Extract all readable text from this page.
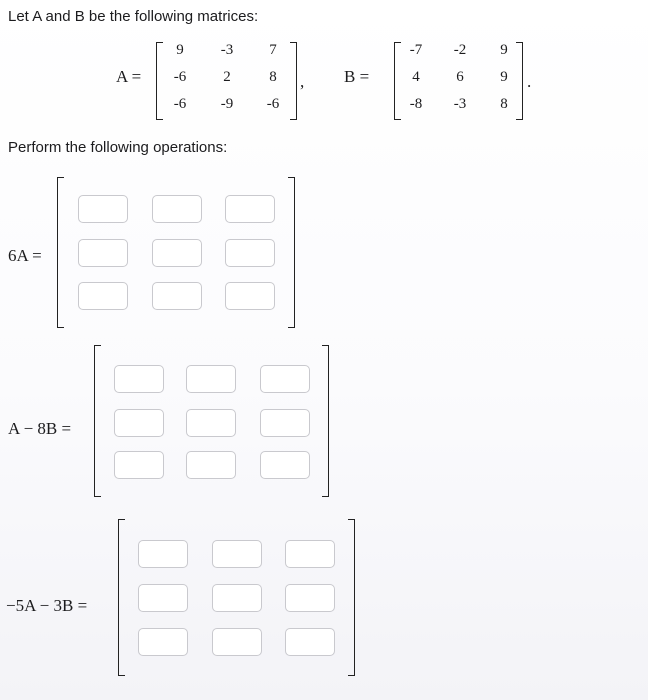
Let A and B be the following matrices:
A =
9	-3	7
-6	2	8
-6	-9	-6
, B =
-7	-2	9
4	6	9
-8	-3	8
.
Perform the following operations:
6A =
A − 8B =
−5A − 3B =
